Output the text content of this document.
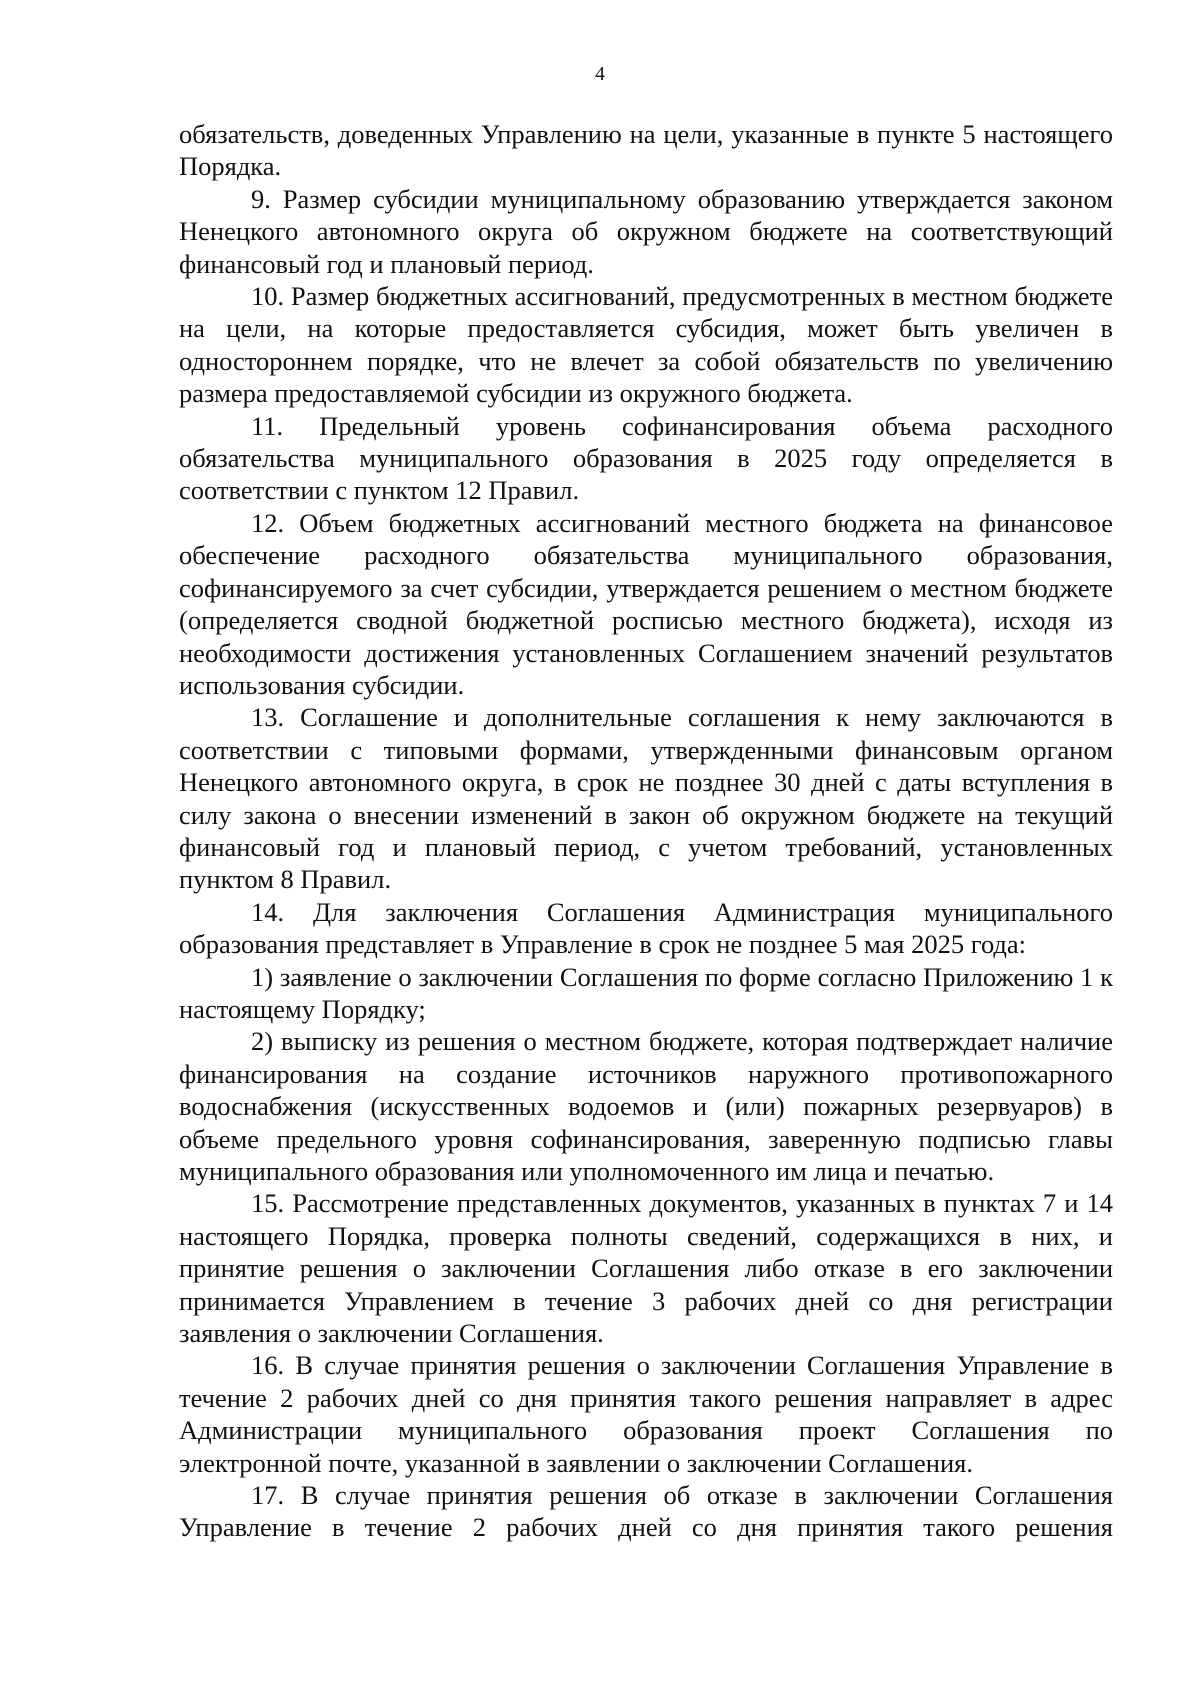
4

обязательств, доведенных Управлению на цели, указанные в пункте 5 настоящего Порядка.

9. Размер субсидии муниципальному образованию утверждается законом Ненецкого автономного округа об окружном бюджете на соответствующий финансовый год и плановый период.

10. Размер бюджетных ассигнований, предусмотренных в местном бюджете на цели, на которые предоставляется субсидия, может быть увеличен в одностороннем порядке, что не влечет за собой обязательств по увеличению размера предоставляемой субсидии из окружного бюджета.

11. Предельный уровень софинансирования объема расходного обязательства муниципального образования в 2025 году определяется в соответствии с пунктом 12 Правил.

12. Объем бюджетных ассигнований местного бюджета на финансовое обеспечение расходного обязательства муниципального образования, софинансируемого за счет субсидии, утверждается решением о местном бюджете (определяется сводной бюджетной росписью местного бюджета), исходя из необходимости достижения установленных Соглашением значений результатов использования субсидии.

13. Соглашение и дополнительные соглашения к нему заключаются в соответствии с типовыми формами, утвержденными финансовым органом Ненецкого автономного округа, в срок не позднее 30 дней с даты вступления в силу закона о внесении изменений в закон об окружном бюджете на текущий финансовый год и плановый период, с учетом требований, установленных пунктом 8 Правил.

14. Для заключения Соглашения Администрация муниципального образования представляет в Управление в срок не позднее 5 мая 2025 года:

1) заявление о заключении Соглашения по форме согласно Приложению 1 к настоящему Порядку;

2) выписку из решения о местном бюджете, которая подтверждает наличие финансирования на создание источников наружного противопожарного водоснабжения (искусственных водоемов и (или) пожарных резервуаров) в объеме предельного уровня софинансирования, заверенную подписью главы муниципального образования или уполномоченного им лица и печатью.

15. Рассмотрение представленных документов, указанных в пунктах 7 и 14 настоящего Порядка, проверка полноты сведений, содержащихся в них, и принятие решения о заключении Соглашения либо отказе в его заключении принимается Управлением в течение 3 рабочих дней со дня регистрации заявления о заключении Соглашения.

16. В случае принятия решения о заключении Соглашения Управление в течение 2 рабочих дней со дня принятия такого решения направляет в адрес Администрации муниципального образования проект Соглашения по электронной почте, указанной в заявлении о заключении Соглашения.

17. В случае принятия решения об отказе в заключении Соглашения Управление в течение 2 рабочих дней со дня принятия такого решения
